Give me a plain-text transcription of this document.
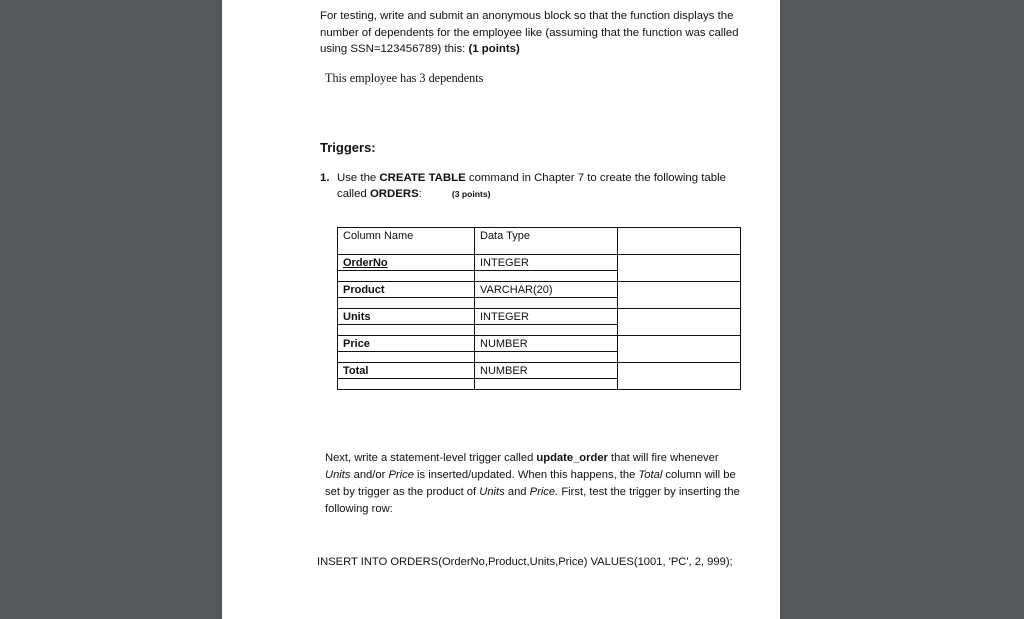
For testing, write and submit an anonymous block so that the function displays the number of dependents for the employee like (assuming that the function was called using SSN=123456789) this: (1 points)
This employee has 3 dependents
Triggers:
1. Use the CREATE TABLE command in Chapter 7 to create the following table called ORDERS:	(3 points)
Column Name	Data Type	

OrderNo	INTEGER	

Product	VARCHAR(20)	

Units	INTEGER	

Price	NUMBER	

Total	NUMBER	

Next, write a statement-level trigger called update_order that will fire whenever Units and/or Price is inserted/updated. When this happens, the Total column will be set by trigger as the product of Units and Price. First, test the trigger by inserting the following row:
INSERT INTO ORDERS(OrderNo,Product,Units,Price) VALUES(1001, 'PC', 2, 999);
